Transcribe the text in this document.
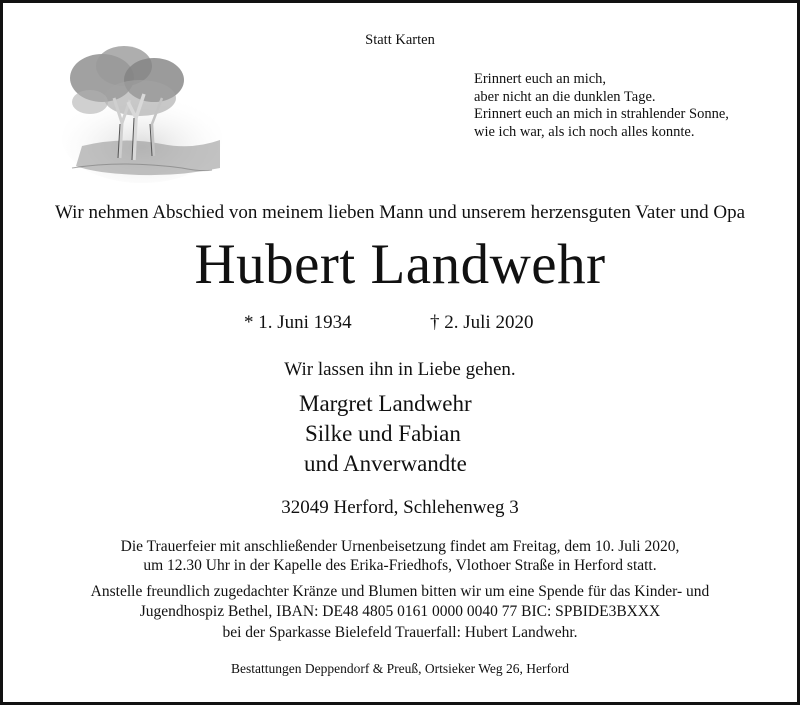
Statt Karten
Erinnert euch an mich,
aber nicht an die dunklen Tage.
Erinnert euch an mich in strahlender Sonne,
wie ich war, als ich noch alles konnte.
Wir nehmen Abschied von meinem lieben Mann und unserem herzensguten Vater und Opa
Hubert Landwehr
* 1. Juni 1934	† 2. Juli 2020
Wir lassen ihn in Liebe gehen.
Margret Landwehr
Silke und Fabian
und Anverwandte
32049 Herford, Schlehenweg 3
Die Trauerfeier mit anschließender Urnenbeisetzung findet am Freitag, dem 10. Juli 2020,
um 12.30 Uhr in der Kapelle des Erika-Friedhofs, Vlothoer Straße in Herford statt.
Anstelle freundlich zugedachter Kränze und Blumen bitten wir um eine Spende für das Kinder- und
Jugendhospiz Bethel, IBAN: DE48 4805 0161 0000 0040 77 BIC: SPBIDE3BXXX
bei der Sparkasse Bielefeld Trauerfall: Hubert Landwehr.
Bestattungen Deppendorf & Preuß, Ortsieker Weg 26, Herford
